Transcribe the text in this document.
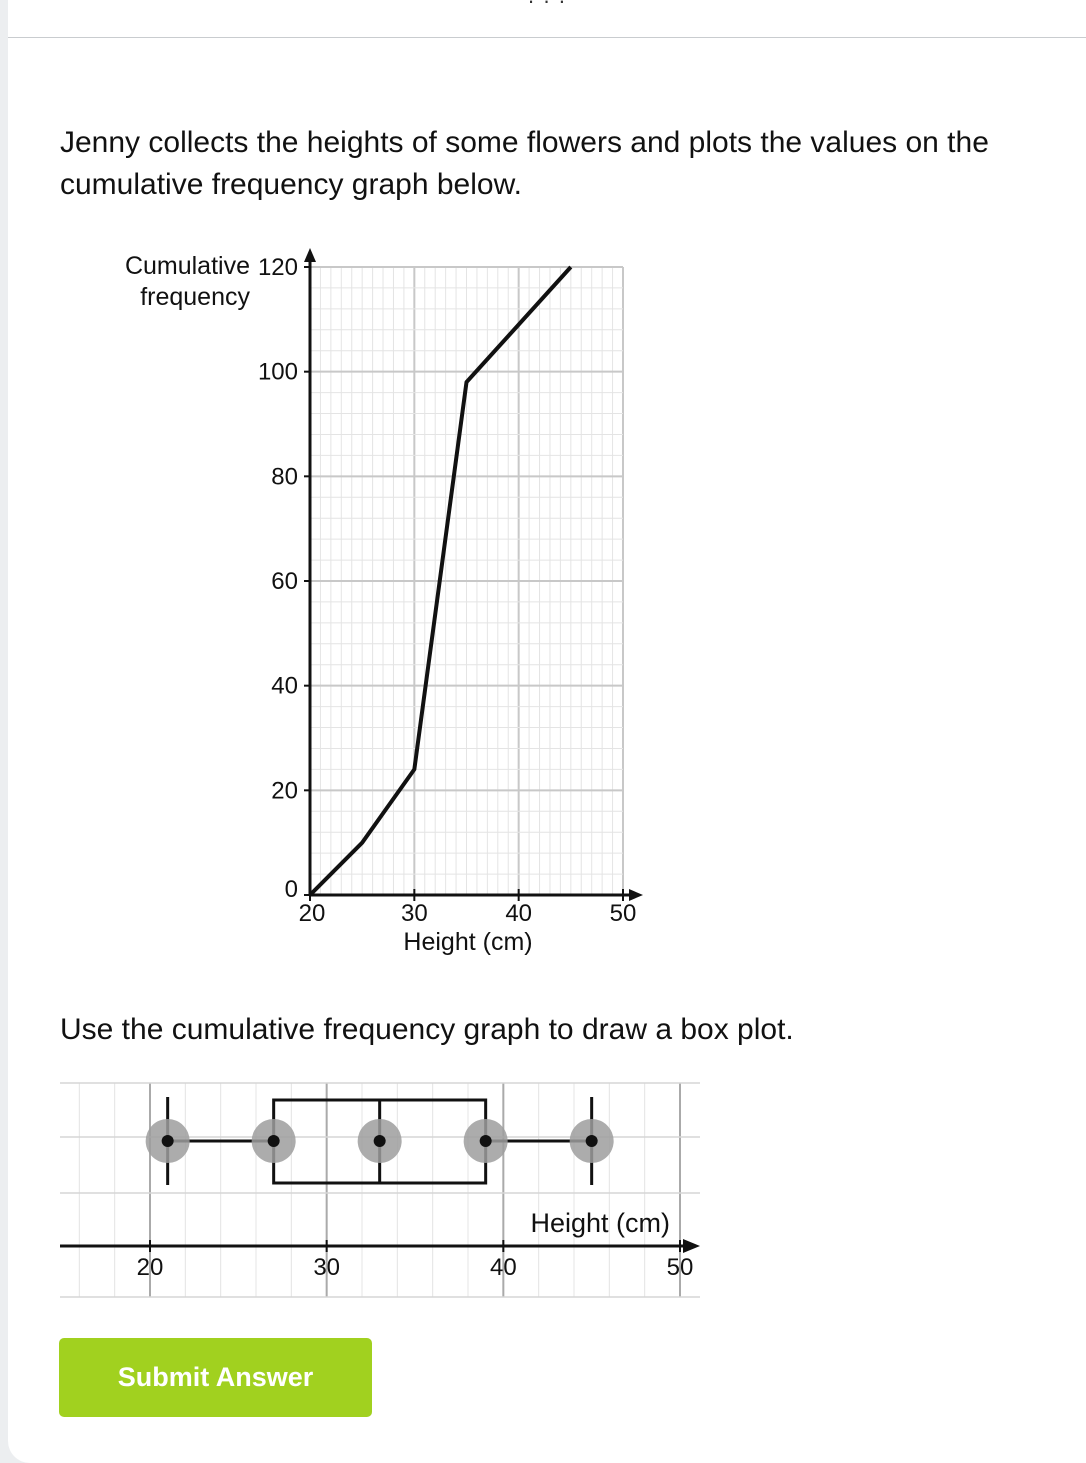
Jenny collects the heights of some flowers and plots the values on the cumulative frequency graph below.
20	30	40	50
0
20
40
60
80
100
120
Cumulative
frequency
Height (cm)
Use the cumulative frequency graph to draw a box plot.
20	30	40	50
Height (cm)
Submit Answer
